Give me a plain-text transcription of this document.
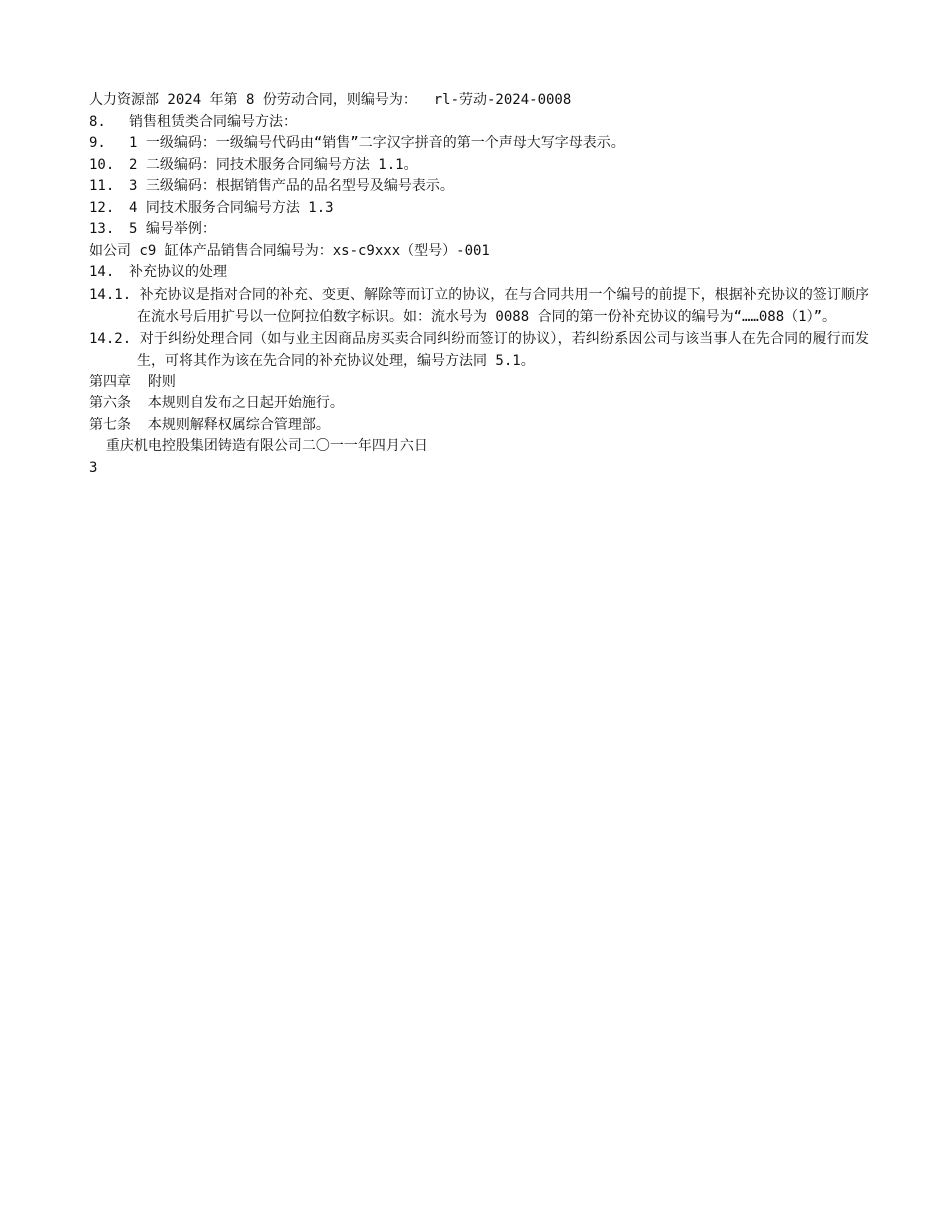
人力资源部 2024 年第 8 份劳动合同，则编号为：  rl-劳动-2024-0008

8. 销售租赁类合同编号方法：

9. 1 一级编码：一级编号代码由“销售”二字汉字拼音的第一个声母大写字母表示。

10. 2 二级编码：同技术服务合同编号方法 1.1。

11. 3 三级编码：根据销售产品的品名型号及编号表示。

12. 4 同技术服务合同编号方法 1.3

13. 5 编号举例：

如公司 c9 缸体产品销售合同编号为：xs-c9xxx（型号）-001

14. 补充协议的处理

14.1. 补充协议是指对合同的补充、变更、解除等而订立的协议，在与合同共用一个编号的前提下，根据补充协议的签订顺序在流水号后用扩号以一位阿拉伯数字标识。如：流水号为 0088 合同的第一份补充协议的编号为“……088（1）”。

14.2. 对于纠纷处理合同（如与业主因商品房买卖合同纠纷而签订的协议），若纠纷系因公司与该当事人在先合同的履行而发生，可将其作为该在先合同的补充协议处理，编号方法同 5.1。

第四章  附则

第六条  本规则自发布之日起开始施行。

第七条  本规则解释权属综合管理部。

重庆机电控股集团铸造有限公司二〇一一年四月六日

3
